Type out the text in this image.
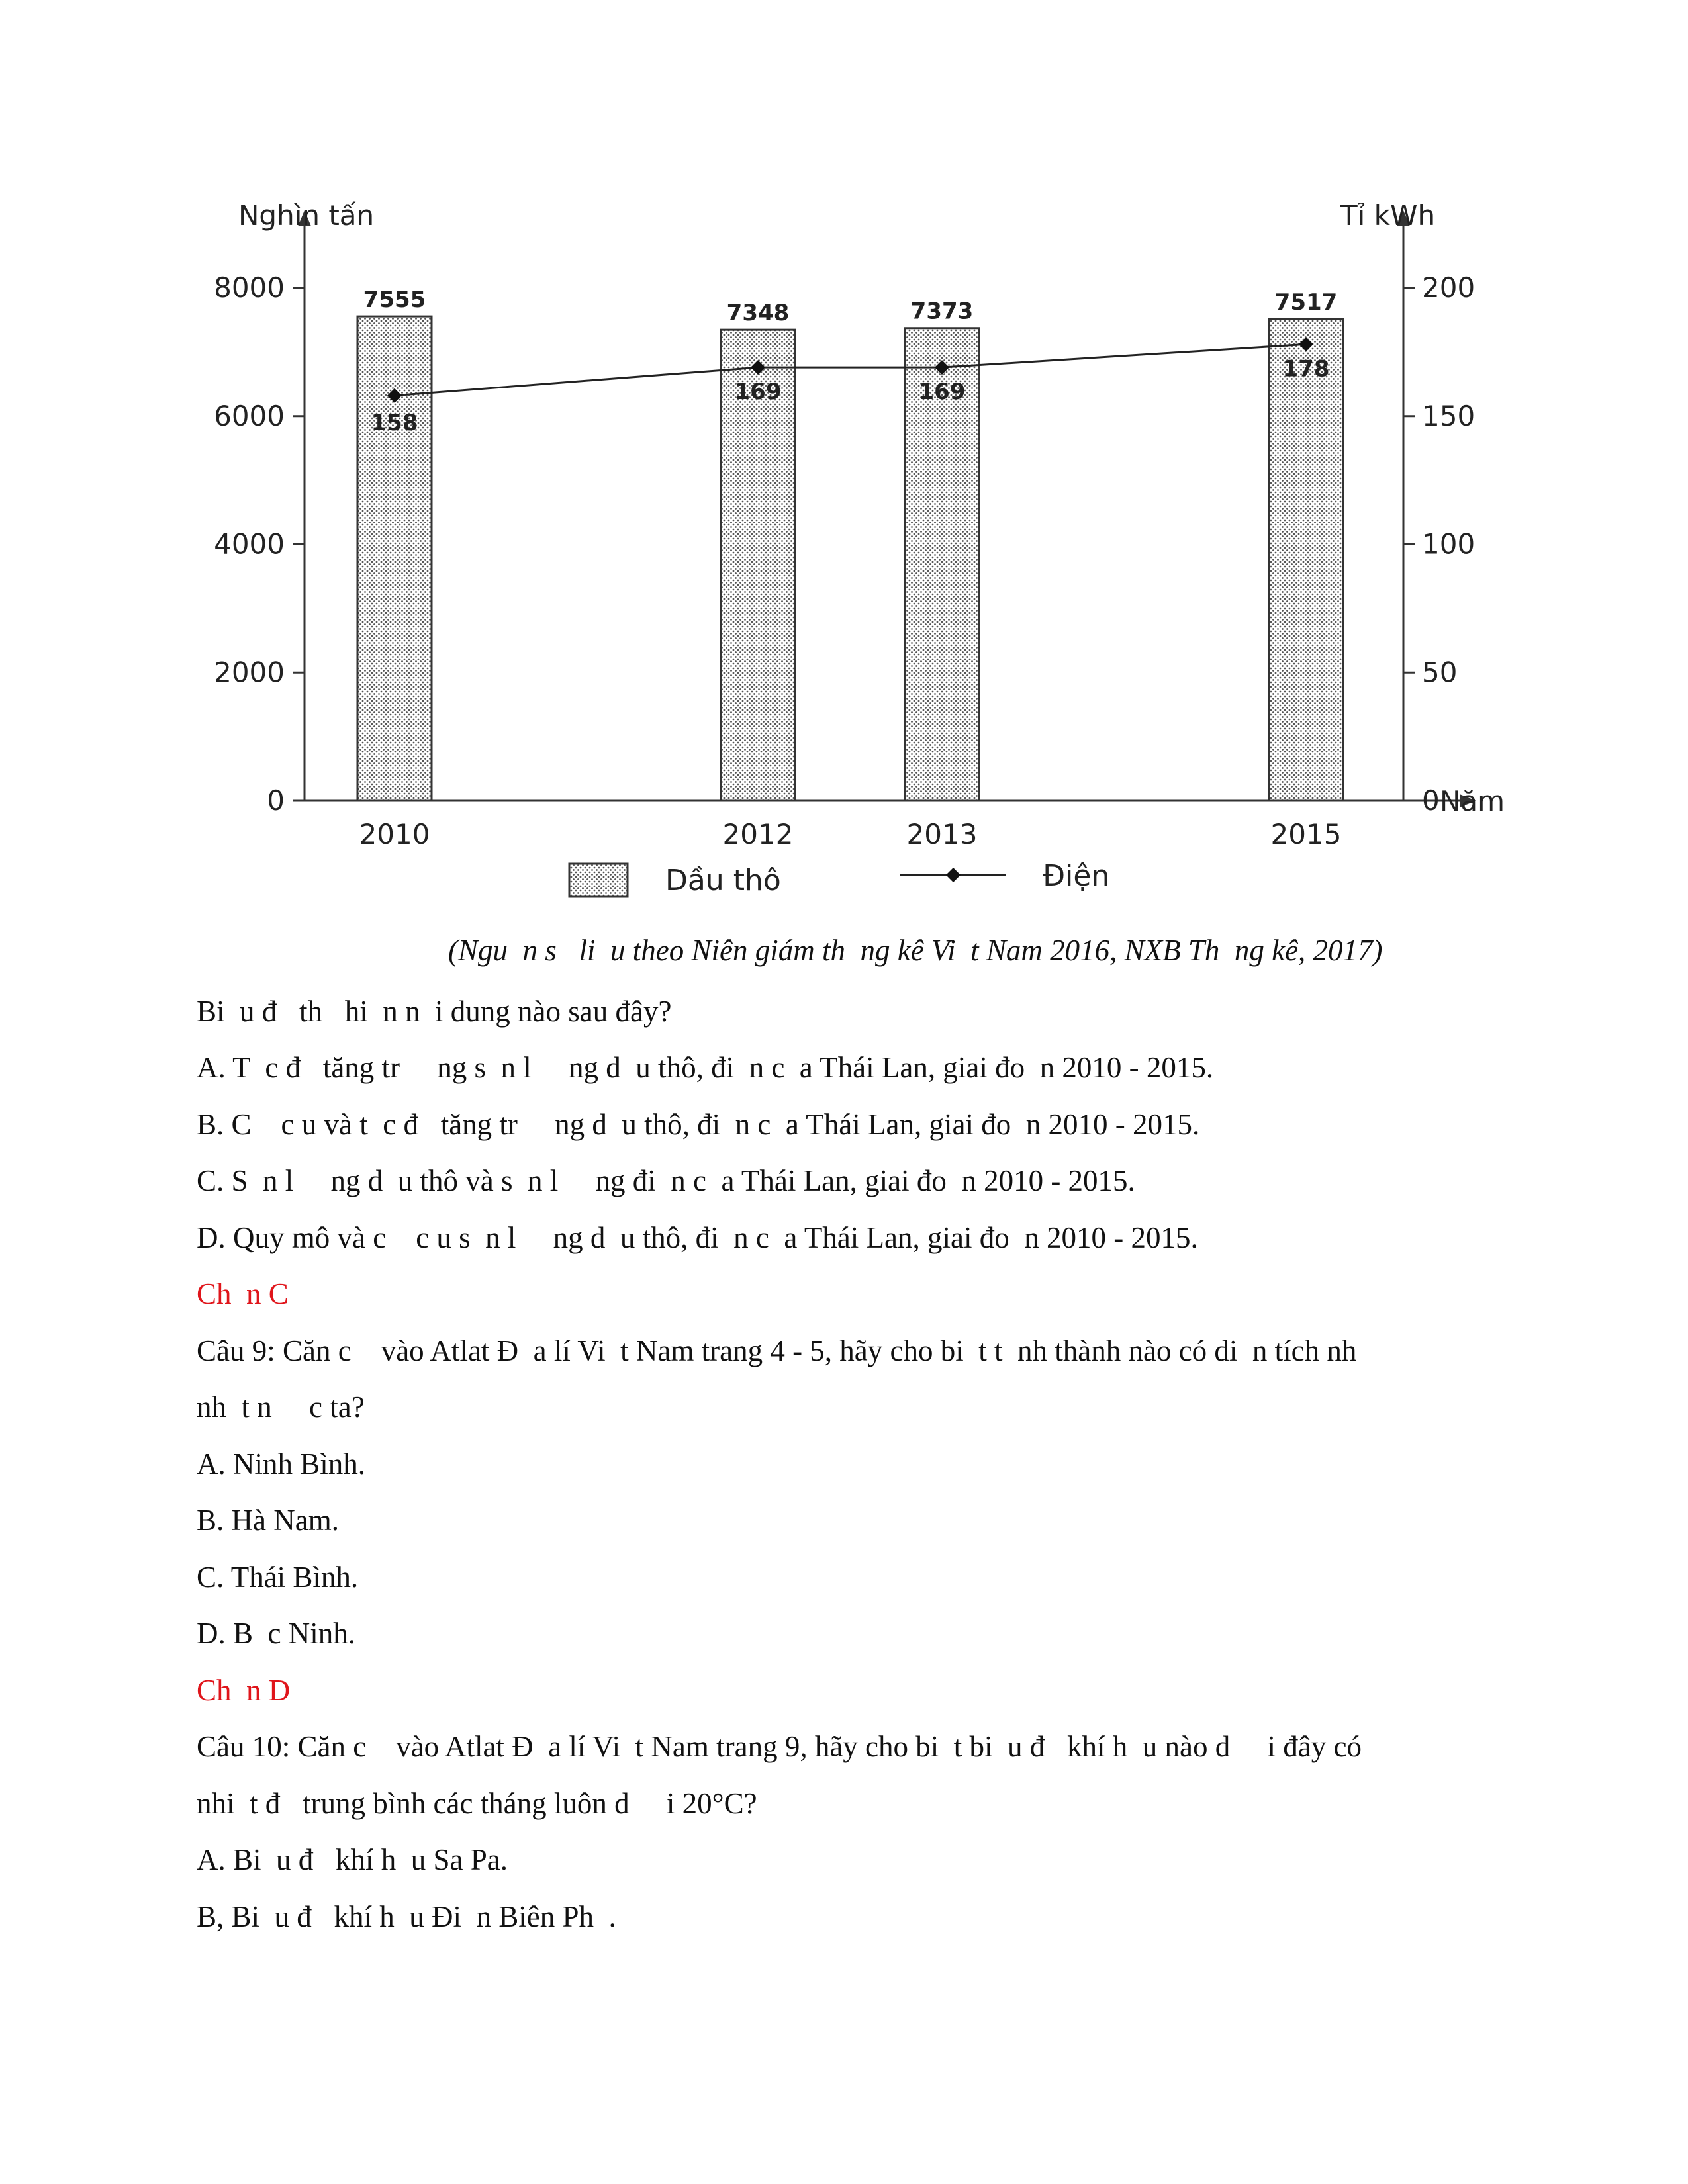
Nghìn tấn	Tỉ kWh
Năm
0
2000
4000
6000
8000
0
50
100
150
200
2010	2012	2013	2015
7555
7348	7373	7517
158
169	169
178
Dầu thô	Điện
(Ngu  n s   li  u theo Niên giám th  ng kê Vi  t Nam 2016, NXB Th  ng kê, 2017)

Bi  u đ   th   hi  n n  i dung nào sau đây?

A. T  c đ   tăng tr     ng s  n l     ng d  u thô, đi  n c  a Thái Lan, giai đo  n 2010 - 2015.

B. C    c u và t  c đ   tăng tr     ng d  u thô, đi  n c  a Thái Lan, giai đo  n 2010 - 2015.

C. S  n l     ng d  u thô và s  n l     ng đi  n c  a Thái Lan, giai đo  n 2010 - 2015.

D. Quy mô và c    c u s  n l     ng d  u thô, đi  n c  a Thái Lan, giai đo  n 2010 - 2015.

Ch  n C

Câu 9: Căn c    vào Atlat Đ  a lí Vi  t Nam trang 4 - 5, hãy cho bi  t t  nh thành nào có di  n tích nh

nh  t n     c ta?

A. Ninh Bình.

B. Hà Nam.

C. Thái Bình.

D. B  c Ninh.

Ch  n D

Câu 10: Căn c    vào Atlat Đ  a lí Vi  t Nam trang 9, hãy cho bi  t bi  u đ   khí h  u nào d     i đây có

nhi  t đ   trung bình các tháng luôn d     i 20°C?

A. Bi  u đ   khí h  u Sa Pa.

B, Bi  u đ   khí h  u Đi  n Biên Ph  .
